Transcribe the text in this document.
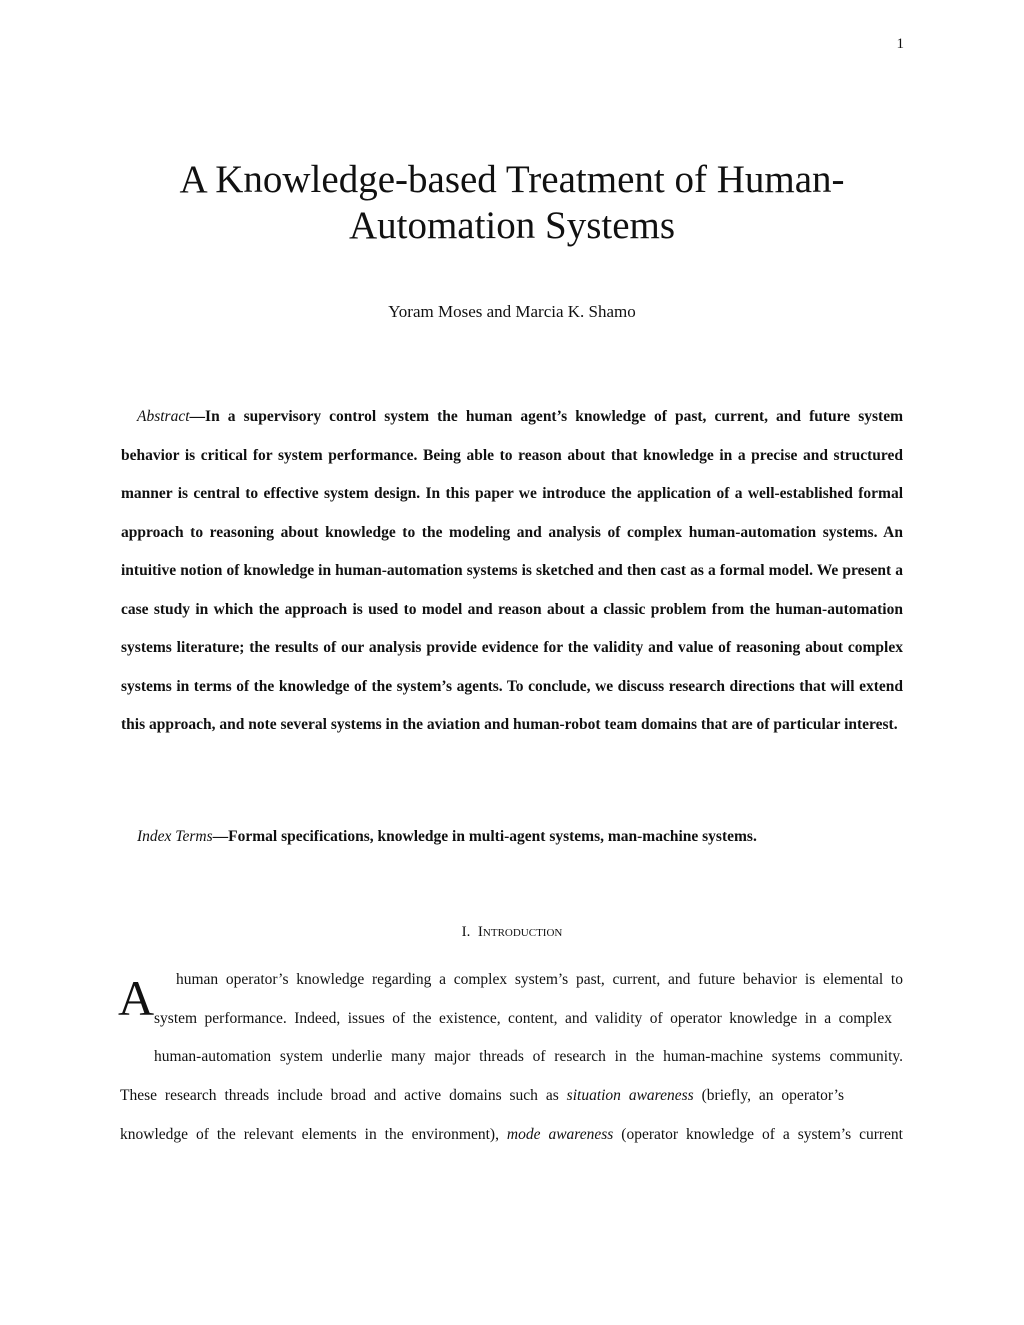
1
A Knowledge-based Treatment of Human-
Automation Systems
Yoram Moses and Marcia K. Shamo

Abstract—In a supervisory control system the human agent’s knowledge of past, current, and future system behavior is critical for system performance. Being able to reason about that knowledge in a precise and structured manner is central to effective system design. In this paper we introduce the application of a well-established formal approach to reasoning about knowledge to the modeling and analysis of complex human-automation systems. An intuitive notion of knowledge in human-automation systems is sketched and then cast as a formal model. We present a case study in which the approach is used to model and reason about a classic problem from the human-automation systems literature; the results of our analysis provide evidence for the validity and value of reasoning about complex systems in terms of the knowledge of the system’s agents. To conclude, we discuss research directions that will extend this approach, and note several systems in the aviation and human-robot team domains that are of particular interest.

Index Terms—Formal specifications, knowledge in multi-agent systems, man-machine systems.

I. Introduction
A human operator’s knowledge regarding a complex system’s past, current, and future behavior is elemental to
system performance. Indeed, issues of the existence, content, and validity of operator knowledge in a complex
human-automation system underlie many major threads of research in the human-machine systems community.
These research threads include broad and active domains such as situation awareness (briefly, an operator’s
knowledge of the relevant elements in the environment), mode awareness (operator knowledge of a system’s current
